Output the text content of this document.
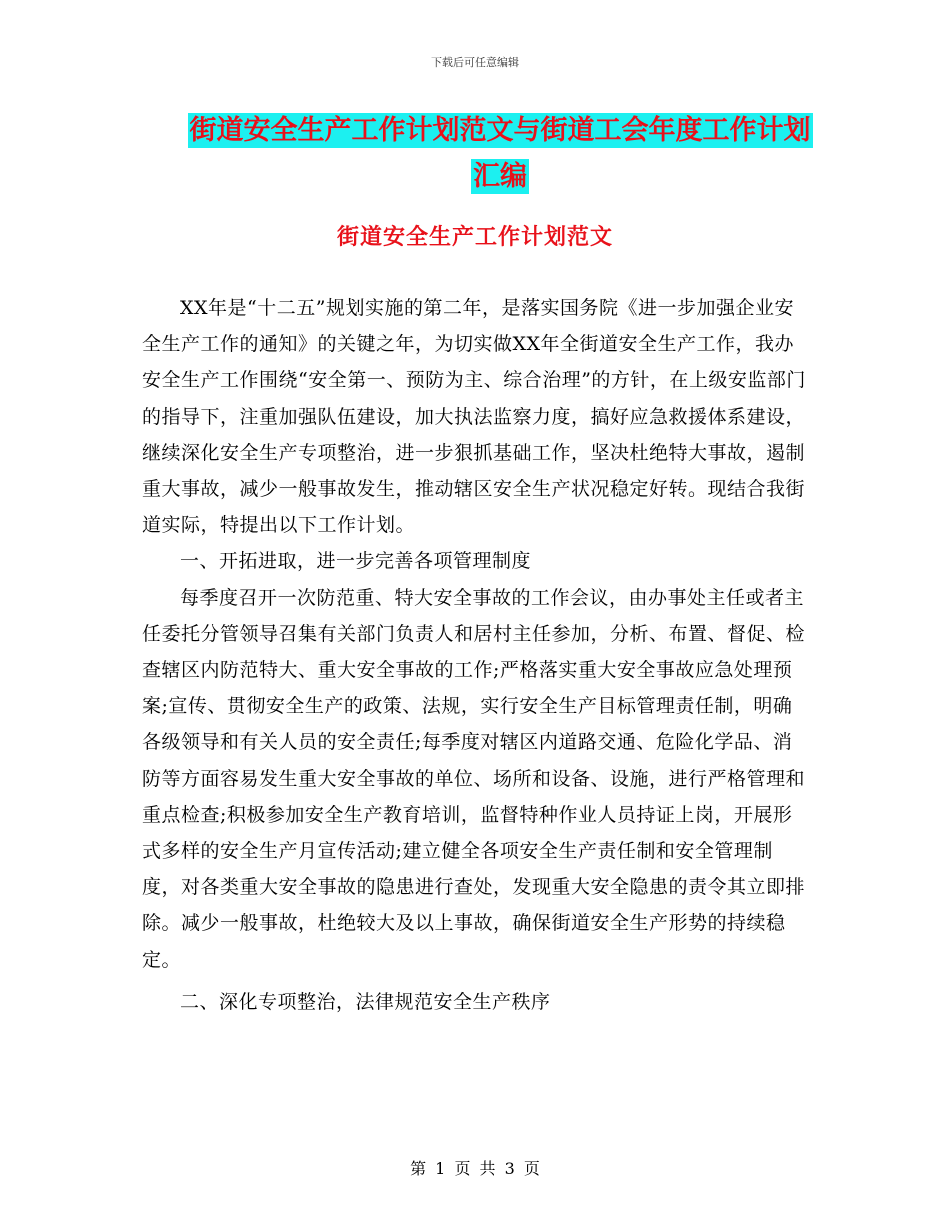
下载后可任意编辑
街道安全生产工作计划范文与街道工会年度工作计划
汇编
街道安全生产工作计划范文

XX年是“十二五”规划实施的第二年，是落实国务院《进一步加强企业安全生产工作的通知》的关键之年，为切实做XX年全街道安全生产工作，我办安全生产工作围绕“安全第一、预防为主、综合治理”的方针，在上级安监部门的指导下，注重加强队伍建设，加大执法监察力度，搞好应急救援体系建设，继续深化安全生产专项整治，进一步狠抓基础工作，坚决杜绝特大事故，遏制重大事故，减少一般事故发生，推动辖区安全生产状况稳定好转。现结合我街道实际，特提出以下工作计划。

一、开拓进取，进一步完善各项管理制度

每季度召开一次防范重、特大安全事故的工作会议，由办事处主任或者主任委托分管领导召集有关部门负责人和居村主任参加，分析、布置、督促、检查辖区内防范特大、重大安全事故的工作;严格落实重大安全事故应急处理预案;宣传、贯彻安全生产的政策、法规，实行安全生产目标管理责任制，明确各级领导和有关人员的安全责任;每季度对辖区内道路交通、危险化学品、消防等方面容易发生重大安全事故的单位、场所和设备、设施，进行严格管理和重点检查;积极参加安全生产教育培训，监督特种作业人员持证上岗，开展形式多样的安全生产月宣传活动;建立健全各项安全生产责任制和安全管理制度，对各类重大安全事故的隐患进行查处，发现重大安全隐患的责令其立即排除。减少一般事故，杜绝较大及以上事故，确保街道安全生产形势的持续稳定。

二、深化专项整治，法律规范安全生产秩序

第 1 页 共 3 页
